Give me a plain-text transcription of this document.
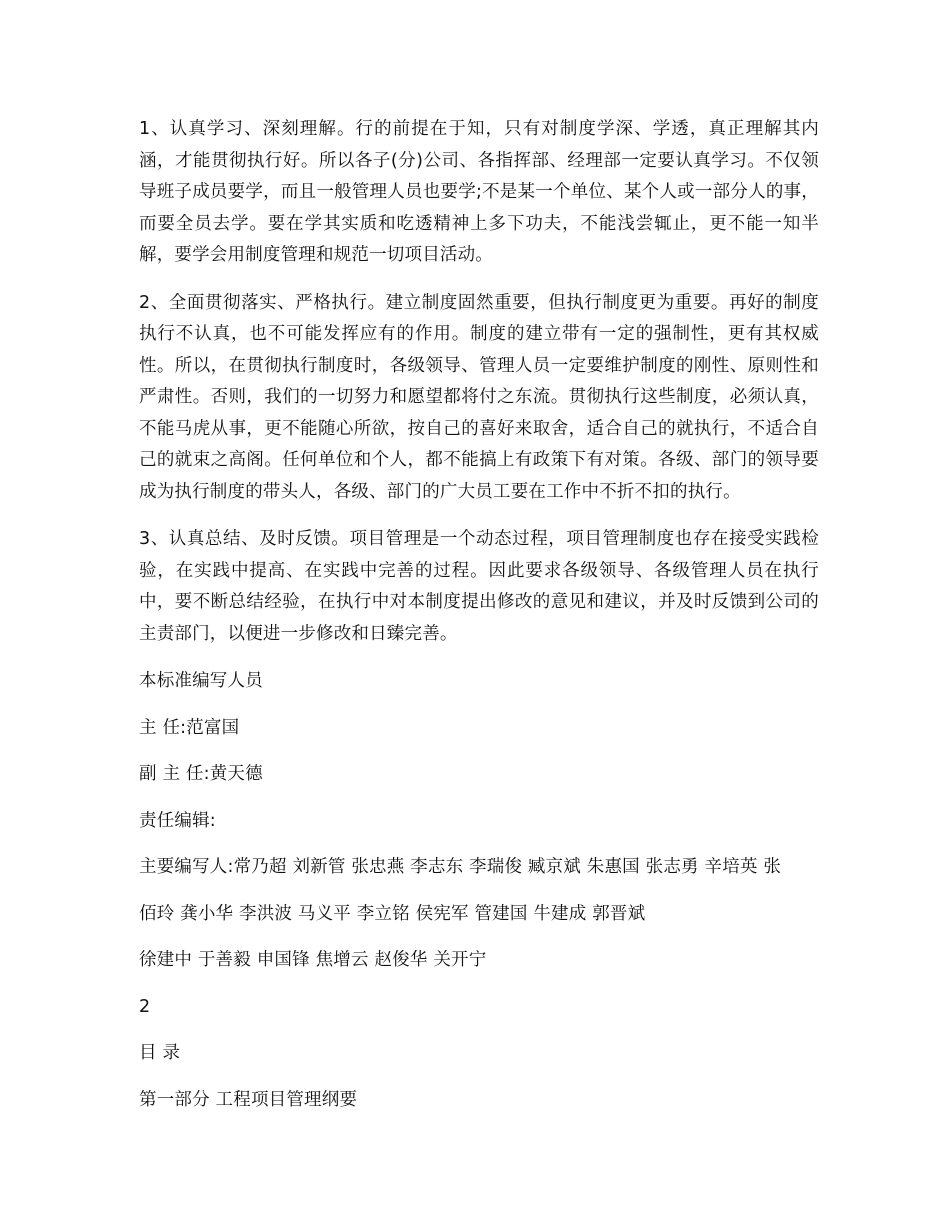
1、认真学习、深刻理解。行的前提在于知，只有对制度学深、学透，真正理解其内涵，才能贯彻执行好。所以各子(分)公司、各指挥部、经理部一定要认真学习。不仅领导班子成员要学，而且一般管理人员也要学;不是某一个单位、某个人或一部分人的事，而要全员去学。要在学其实质和吃透精神上多下功夫，不能浅尝辄止，更不能一知半解，要学会用制度管理和规范一切项目活动。

2、全面贯彻落实、严格执行。建立制度固然重要，但执行制度更为重要。再好的制度执行不认真，也不可能发挥应有的作用。制度的建立带有一定的强制性，更有其权威性。所以，在贯彻执行制度时，各级领导、管理人员一定要维护制度的刚性、原则性和严肃性。否则，我们的一切努力和愿望都将付之东流。贯彻执行这些制度，必须认真，不能马虎从事，更不能随心所欲，按自己的喜好来取舍，适合自己的就执行，不适合自己的就束之高阁。任何单位和个人，都不能搞上有政策下有对策。各级、部门的领导要成为执行制度的带头人，各级、部门的广大员工要在工作中不折不扣的执行。

3、认真总结、及时反馈。项目管理是一个动态过程，项目管理制度也存在接受实践检验，在实践中提高、在实践中完善的过程。因此要求各级领导、各级管理人员在执行中，要不断总结经验，在执行中对本制度提出修改的意见和建议，并及时反馈到公司的主责部门，以便进一步修改和日臻完善。

本标准编写人员
主 任:范富国
副 主 任:黄天德
责任编辑:
主要编写人:常乃超 刘新管 张忠燕 李志东 李瑞俊 臧京斌 朱惠国 张志勇 辛培英 张
佰玲 龚小华 李洪波 马义平 李立铭 侯宪军 管建国 牛建成 郭晋斌
徐建中 于善毅 申国锋 焦增云 赵俊华 关开宁
2
目 录
第一部分 工程项目管理纲要
